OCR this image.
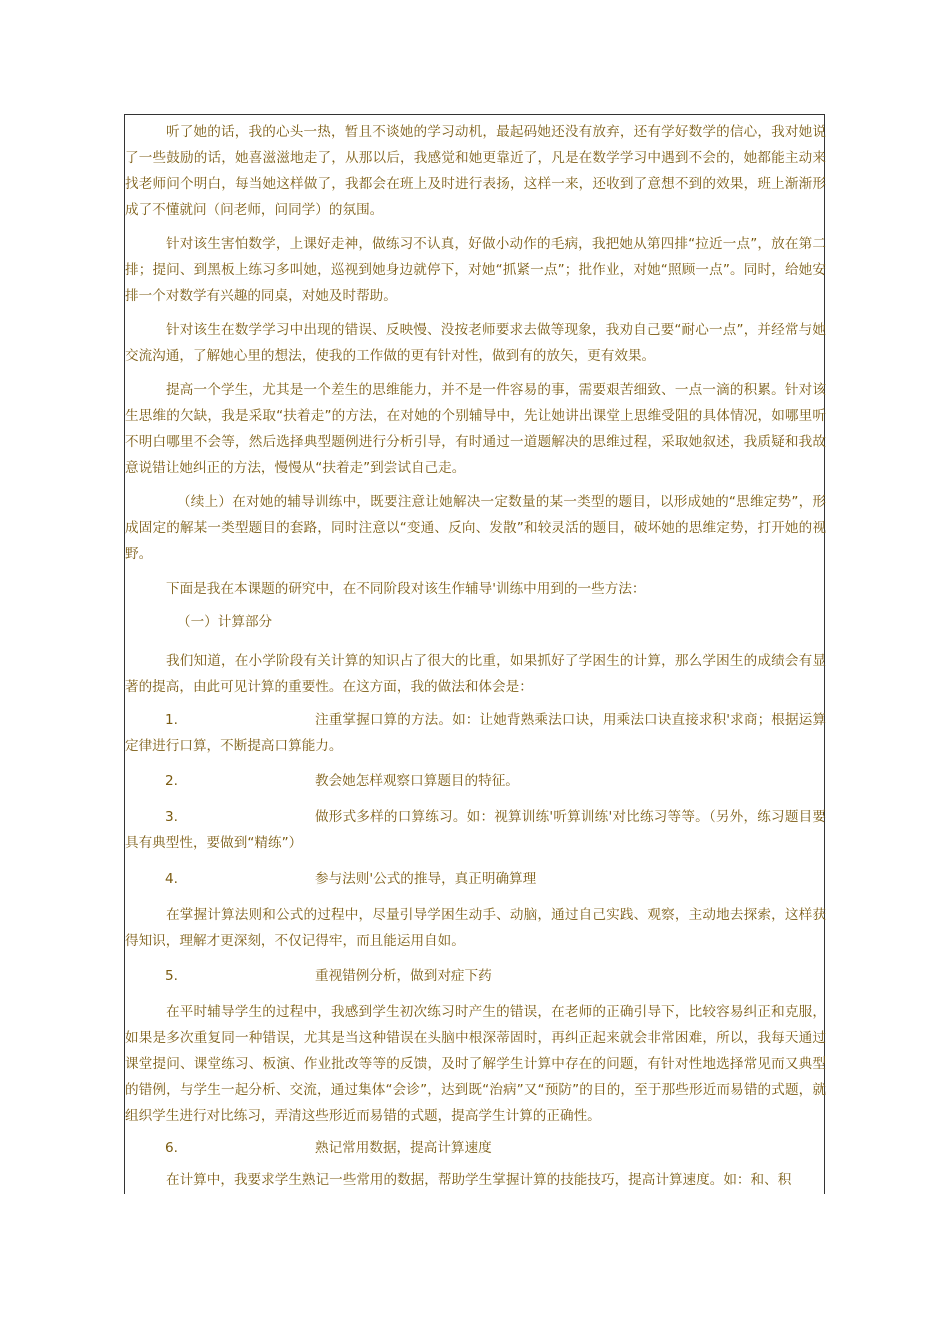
听了她的话，我的心头一热，暂且不谈她的学习动机，最起码她还没有放弃，还有学好数学的信心，我对她说了一些鼓励的话，她喜滋滋地走了，从那以后，我感觉和她更靠近了，凡是在数学学习中遇到不会的，她都能主动来找老师问个明白，每当她这样做了，我都会在班上及时进行表扬，这样一来，还收到了意想不到的效果，班上渐渐形成了不懂就问（问老师，问同学）的氛围。
针对该生害怕数学，上课好走神，做练习不认真，好做小动作的毛病，我把她从第四排“拉近一点”，放在第二排；提问、到黑板上练习多叫她，巡视到她身边就停下，对她“抓紧一点”；批作业，对她“照顾一点”。同时，给她安排一个对数学有兴趣的同桌，对她及时帮助。
针对该生在数学学习中出现的错误、反映慢、没按老师要求去做等现象，我劝自己要“耐心一点”，并经常与她交流沟通，了解她心里的想法，使我的工作做的更有针对性，做到有的放矢，更有效果。
提高一个学生，尤其是一个差生的思维能力，并不是一件容易的事，需要艰苦细致、一点一滴的积累。针对该生思维的欠缺，我是采取“扶着走”的方法，在对她的个别辅导中，先让她讲出课堂上思维受阻的具体情况，如哪里听不明白哪里不会等，然后选择典型题例进行分析引导，有时通过一道题解决的思维过程，采取她叙述，我质疑和我故意说错让她纠正的方法，慢慢从“扶着走”到尝试自己走。
（续上）在对她的辅导训练中，既要注意让她解决一定数量的某一类型的题目，以形成她的“思维定势”，形成固定的解某一类型题目的套路，同时注意以“变通、反向、发散”和较灵活的题目，破坏她的思维定势，打开她的视野。
下面是我在本课题的研究中，在不同阶段对该生作辅导'训练中用到的一些方法：
（一）计算部分
我们知道，在小学阶段有关计算的知识占了很大的比重，如果抓好了学困生的计算，那么学困生的成绩会有显著的提高，由此可见计算的重要性。在这方面，我的做法和体会是：
1.	注重掌握口算的方法。如：让她背熟乘法口诀，用乘法口诀直接求积'求商；根据运算定律进行口算，不断提高口算能力。
2.	教会她怎样观察口算题目的特征。
3.	做形式多样的口算练习。如：视算训练'听算训练'对比练习等等。（另外，练习题目要具有典型性，要做到“精练”）
4.	参与法则'公式的推导，真正明确算理
在掌握计算法则和公式的过程中，尽量引导学困生动手、动脑，通过自己实践、观察，主动地去探索，这样获得知识，理解才更深刻，不仅记得牢，而且能运用自如。
5.	重视错例分析，做到对症下药
在平时辅导学生的过程中，我感到学生初次练习时产生的错误，在老师的正确引导下，比较容易纠正和克服，如果是多次重复同一种错误，尤其是当这种错误在头脑中根深蒂固时，再纠正起来就会非常困难，所以，我每天通过课堂提问、课堂练习、板演、作业批改等等的反馈，及时了解学生计算中存在的问题，有针对性地选择常见而又典型的错例，与学生一起分析、交流，通过集体“会诊”，达到既“治病”又“预防”的目的，至于那些形近而易错的式题，就组织学生进行对比练习，弄清这些形近而易错的式题，提高学生计算的正确性。
6.	熟记常用数据，提高计算速度
在计算中，我要求学生熟记一些常用的数据，帮助学生掌握计算的技能技巧，提高计算速度。如：和、积
